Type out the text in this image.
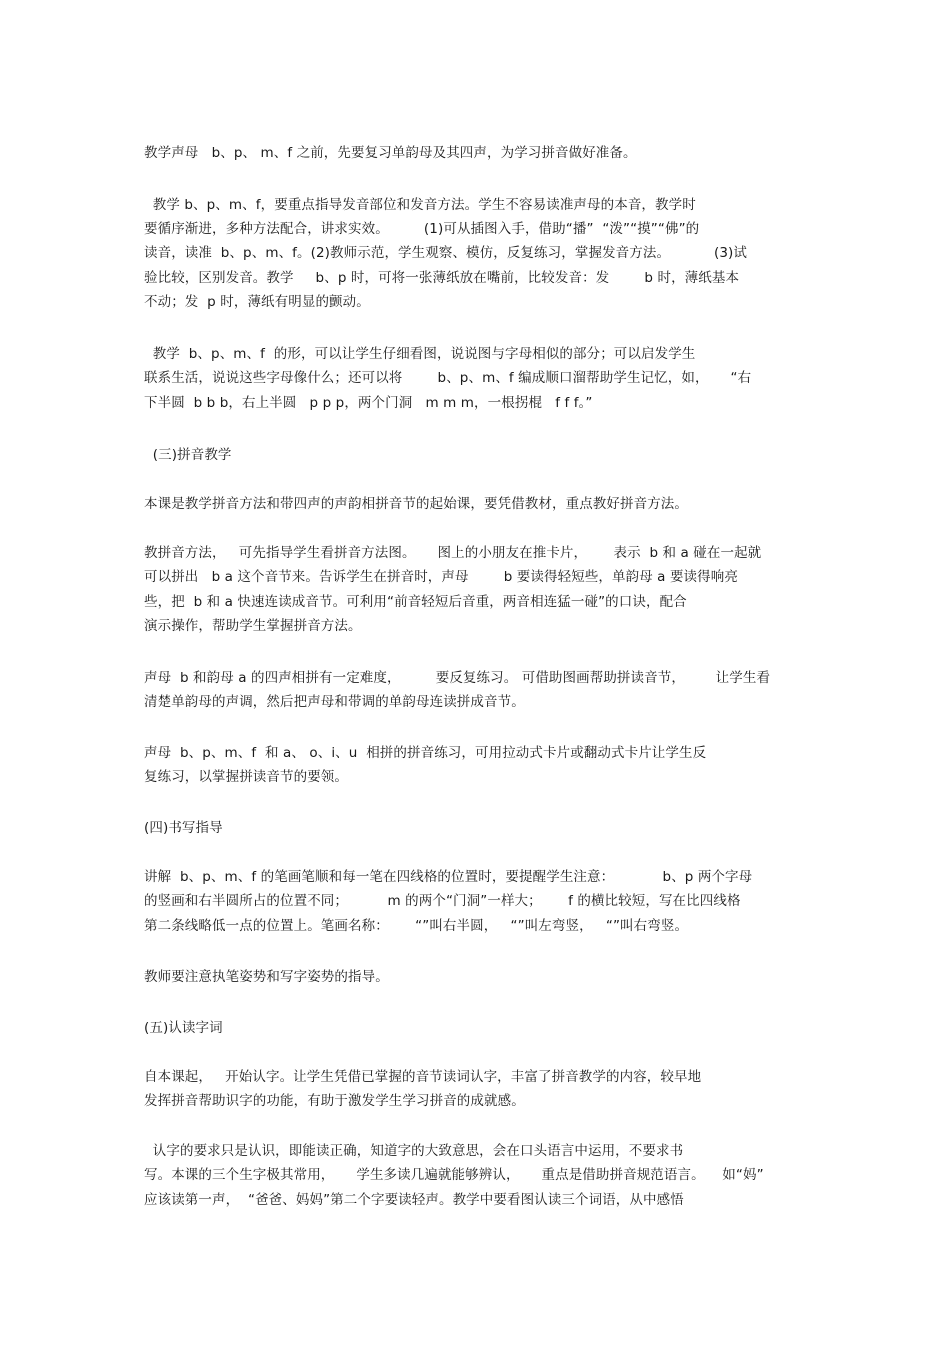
教学声母   b、p、 m、f 之前，先要复习单韵母及其四声，为学习拼音做好准备。
教学 b、p、m、f，要重点指导发音部位和发音方法。学生不容易读准声母的本音，教学时
要循序渐进，多种方法配合，讲求实效。        (1)可从插图入手，借助“播”  “泼”“摸”“佛”的
读音，读准  b、p、m、f。(2)教师示范，学生观察、模仿，反复练习，掌握发音方法。          (3)试
验比较，区别发音。教学     b、p 时，可将一张薄纸放在嘴前，比较发音：发        b 时，薄纸基本
不动；发  p 时，薄纸有明显的颤动。
教学  b、p、m、f  的形，可以让学生仔细看图，说说图与字母相似的部分；可以启发学生
联系生活，说说这些字母像什么；还可以将        b、p、m、f 编成顺口溜帮助学生记忆，如，     “右
下半圆  b b b，右上半圆   p p p，两个门洞   m m m，一根拐棍   f f f。”
(三)拼音教学
本课是教学拼音方法和带四声的声韵相拼音节的起始课，要凭借教材，重点教好拼音方法。
教拼音方法，   可先指导学生看拼音方法图。     图上的小朋友在推卡片，      表示  b 和 a 碰在一起就
可以拼出   b a 这个音节来。告诉学生在拼音时，声母        b 要读得轻短些，单韵母 a 要读得响亮
些，把  b 和 a 快速连读成音节。可利用“前音轻短后音重，两音相连猛一碰”的口诀，配合
演示操作，帮助学生掌握拼音方法。
声母  b 和韵母 a 的四声相拼有一定难度，        要反复练习。 可借助图画帮助拼读音节，       让学生看
清楚单韵母的声调，然后把声母和带调的单韵母连读拼成音节。
声母  b、p、m、f  和 a、 o、i、u  相拼的拼音练习，可用拉动式卡片或翻动式卡片让学生反
复练习，以掌握拼读音节的要领。
(四)书写指导
讲解  b、p、m、f 的笔画笔顺和每一笔在四线格的位置时，要提醒学生注意：           b、p 两个字母
的竖画和右半圆所占的位置不同；         m 的两个“门洞”一样大；      f 的横比较短，写在比四线格
第二条线略低一点的位置上。笔画名称：      “”叫右半圆，   “”叫左弯竖，   “”叫右弯竖。
教师要注意执笔姿势和写字姿势的指导。
(五)认读字词
自本课起，   开始认字。让学生凭借已掌握的音节读词认字，丰富了拼音教学的内容，较早地
发挥拼音帮助识字的功能，有助于激发学生学习拼音的成就感。
认字的要求只是认识，即能读正确，知道字的大致意思，会在口头语言中运用，不要求书
写。本课的三个生字极其常用，     学生多读几遍就能够辨认，     重点是借助拼音规范语言。    如“妈”
应该读第一声，  “爸爸、妈妈”第二个字要读轻声。教学中要看图认读三个词语，从中感悟
